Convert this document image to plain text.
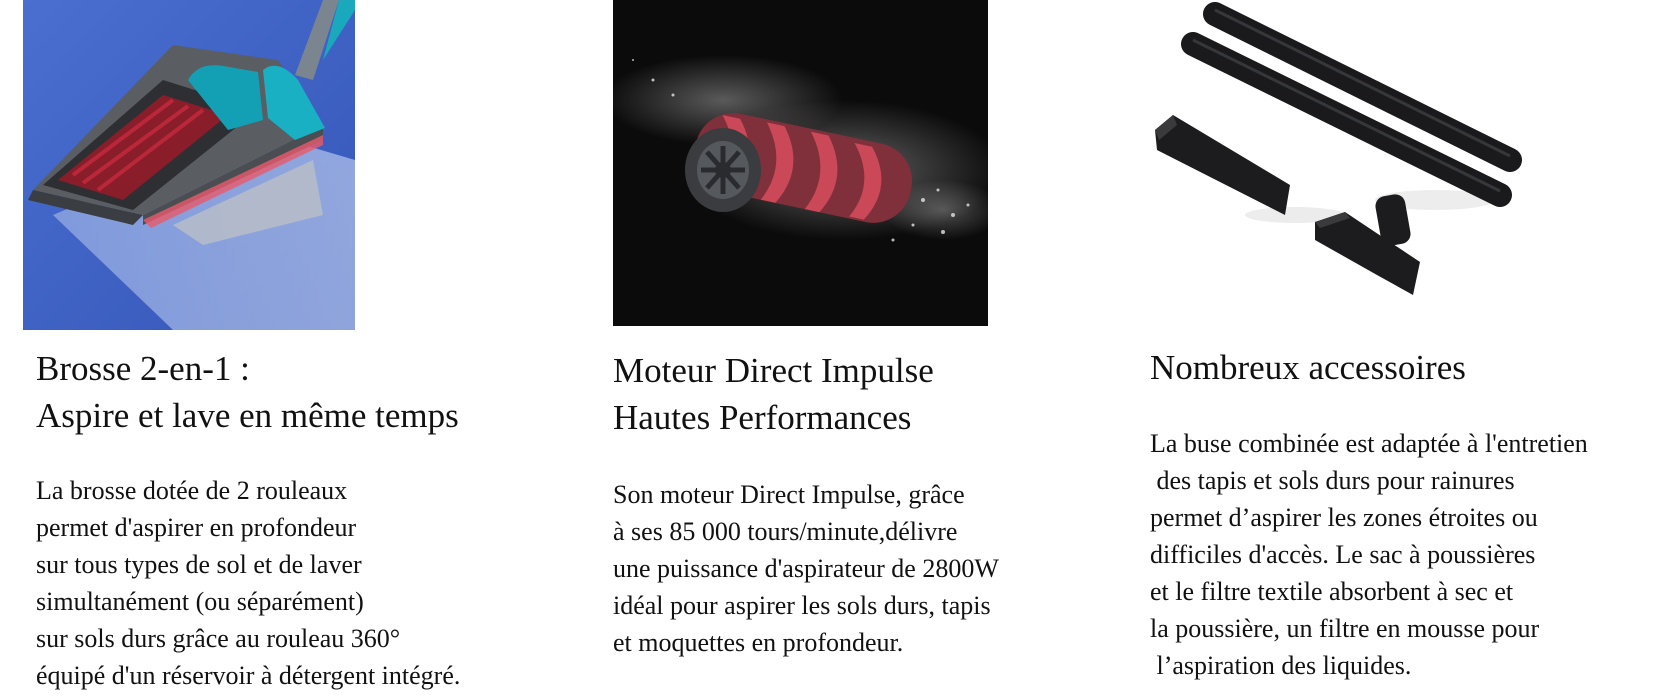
Brosse 2-en-1 :
Aspire et lave en même temps

La brosse dotée de 2 rouleaux
permet d'aspirer en profondeur
sur tous types de sol et de laver
simultanément (ou séparément)
sur sols durs grâce au rouleau 360°
équipé d'un réservoir à détergent intégré.

Moteur Direct Impulse
Hautes Performances

Son moteur Direct Impulse, grâce
à ses 85 000 tours/minute,délivre
une puissance d'aspirateur de 2800W
idéal pour aspirer les sols durs, tapis
et moquettes en profondeur.

Nombreux accessoires

La buse combinée est adaptée à l'entretien
des tapis et sols durs pour rainures
permet d’aspirer les zones étroites ou
difficiles d'accès. Le sac à poussières
et le filtre textile absorbent à sec et
la poussière, un filtre en mousse pour
l’aspiration des liquides.
